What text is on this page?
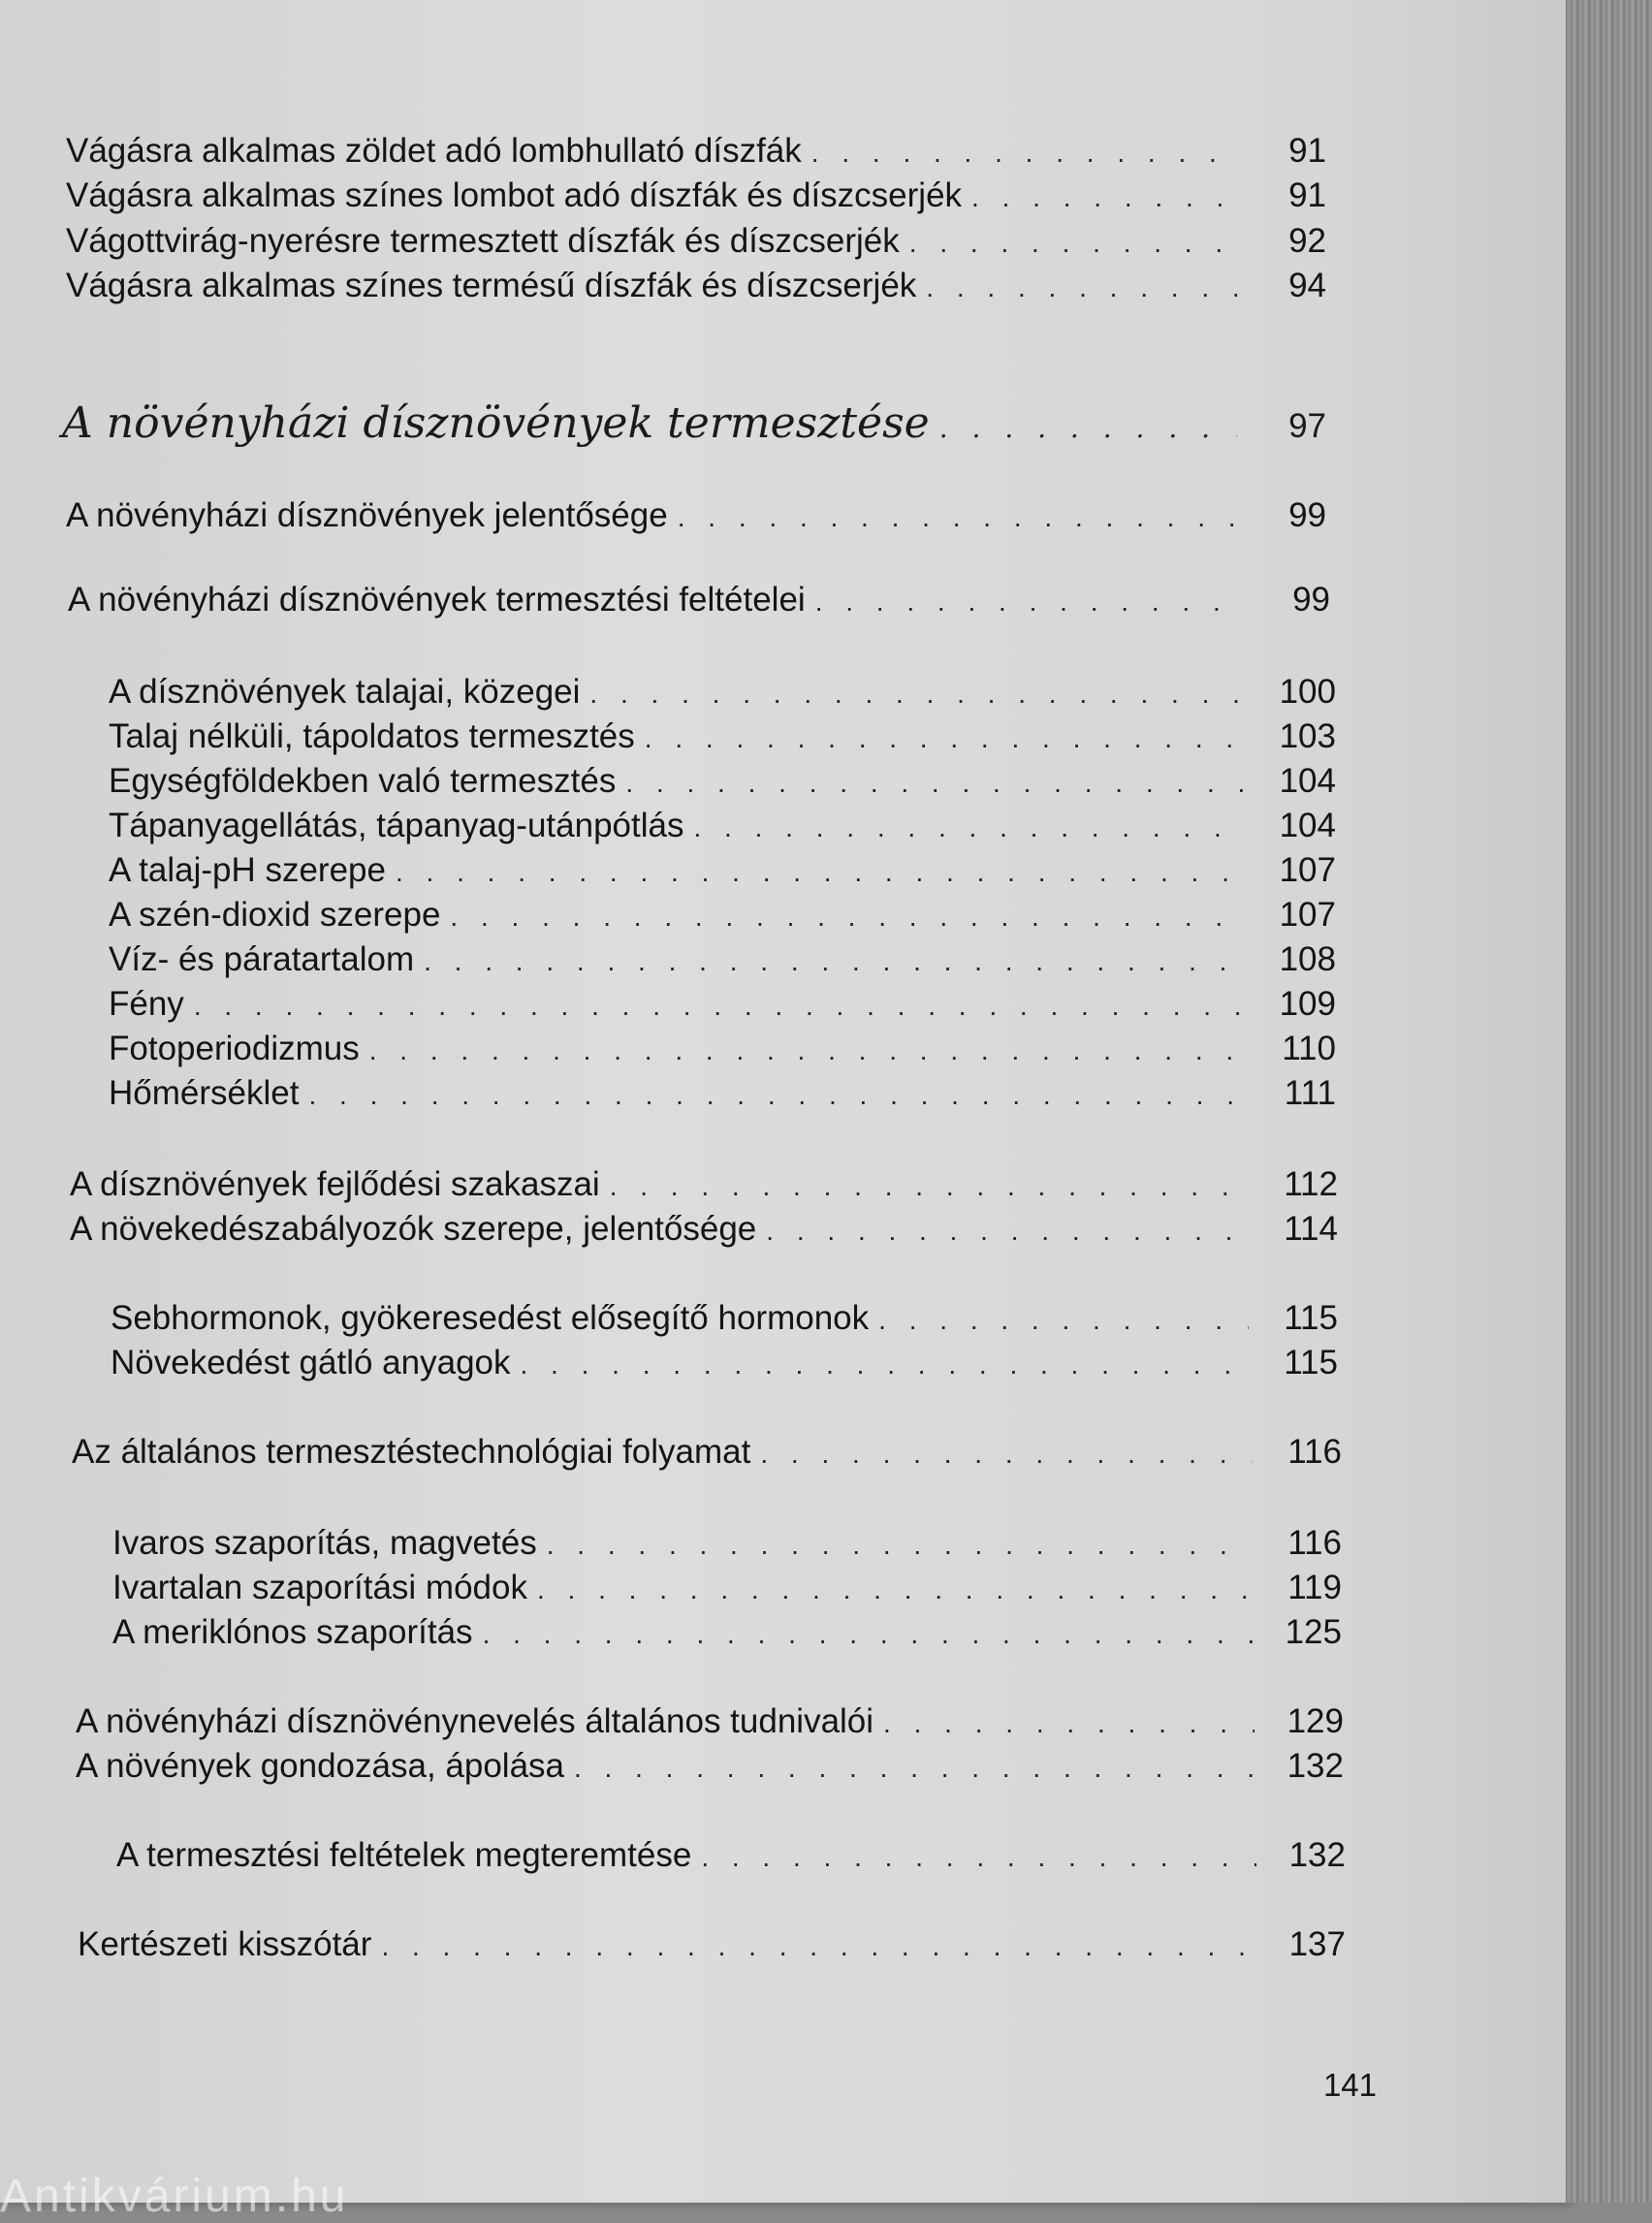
Vágásra alkalmas zöldet adó lombhullató díszfák . . .	91
Vágásra alkalmas színes lombot adó díszfák és díszcserjék . . .	91
Vágottvirág-nyerésre termesztett díszfák és díszcserjék . . .	92
Vágásra alkalmas színes termésű díszfák és díszcserjék . . .	94
A növényházi dísznövények termesztése . . .	97
A növényházi dísznövények jelentősége . . .	99
A növényházi dísznövények termesztési feltételei . . .	99
A dísznövények talajai, közegei . . .	100
Talaj nélküli, tápoldatos termesztés . . .	103
Egységföldekben való termesztés . . .	104
Tápanyagellátás, tápanyag-utánpótlás . . .	104
A talaj-pH szerepe . . .	107
A szén-dioxid szerepe . . .	107
Víz- és páratartalom . . .	108
Fény . . .	109
Fotoperiodizmus . . .	110
Hőmérséklet . . .	111
A dísznövények fejlődési szakaszai . . .	112
A növekedészabályozók szerepe, jelentősége . . .	114
Sebhormonok, gyökeresedést elősegítő hormonok . . .	115
Növekedést gátló anyagok . . .	115
Az általános termesztéstechnológiai folyamat . . .	116
Ivaros szaporítás, magvetés . . .	116
Ivartalan szaporítási módok . . .	119
A meriklónos szaporítás . . .	125
A növényházi dísznövénynevelés általános tudnivalói . . .	129
A növények gondozása, ápolása . . .	132
A termesztési feltételek megteremtése . . .	132
Kertészeti kisszótár . . .	137
141
Antikvárium.hu
